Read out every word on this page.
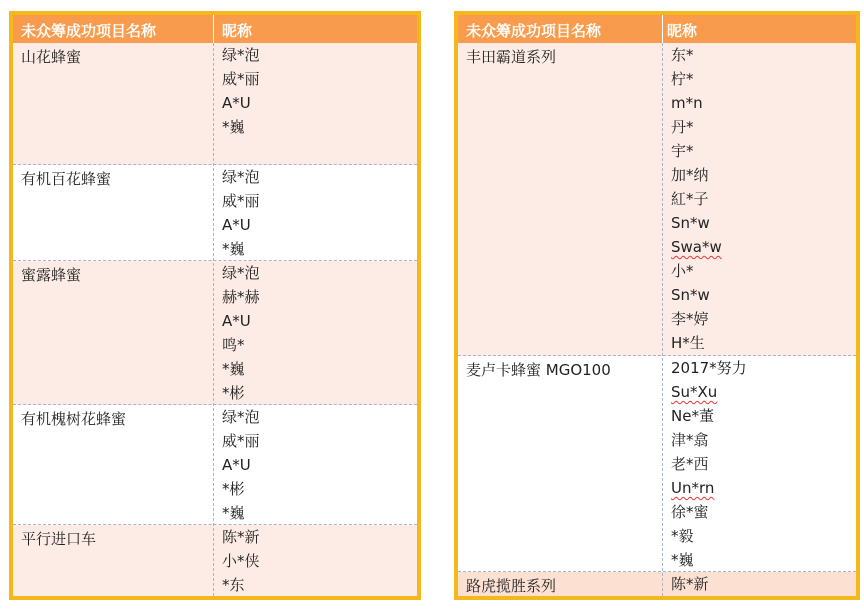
未众筹成功项目名称	昵称
山花蜂蜜	绿*泡
威*丽
A*U
*巍
有机百花蜂蜜	绿*泡
威*丽
A*U
*巍
蜜露蜂蜜	绿*泡
赫*赫
A*U
鸣*
*巍
*彬
有机槐树花蜂蜜	绿*泡
威*丽
A*U
*彬
*巍
平行进口车	陈*新
小*侠
*东
未众筹成功项目名称	昵称
丰田霸道系列	东*
柠*
m*n
丹*
宇*
加*纳
紅*子
Sn*w
Swa*w
小*
Sn*w
李*婷
H*生
麦卢卡蜂蜜 MGO100	2017*努力
Su*Xu
Ne*董
津*翕
老*西
Un*rn
徐*蜜
*毅
*巍
路虎揽胜系列	陈*新
